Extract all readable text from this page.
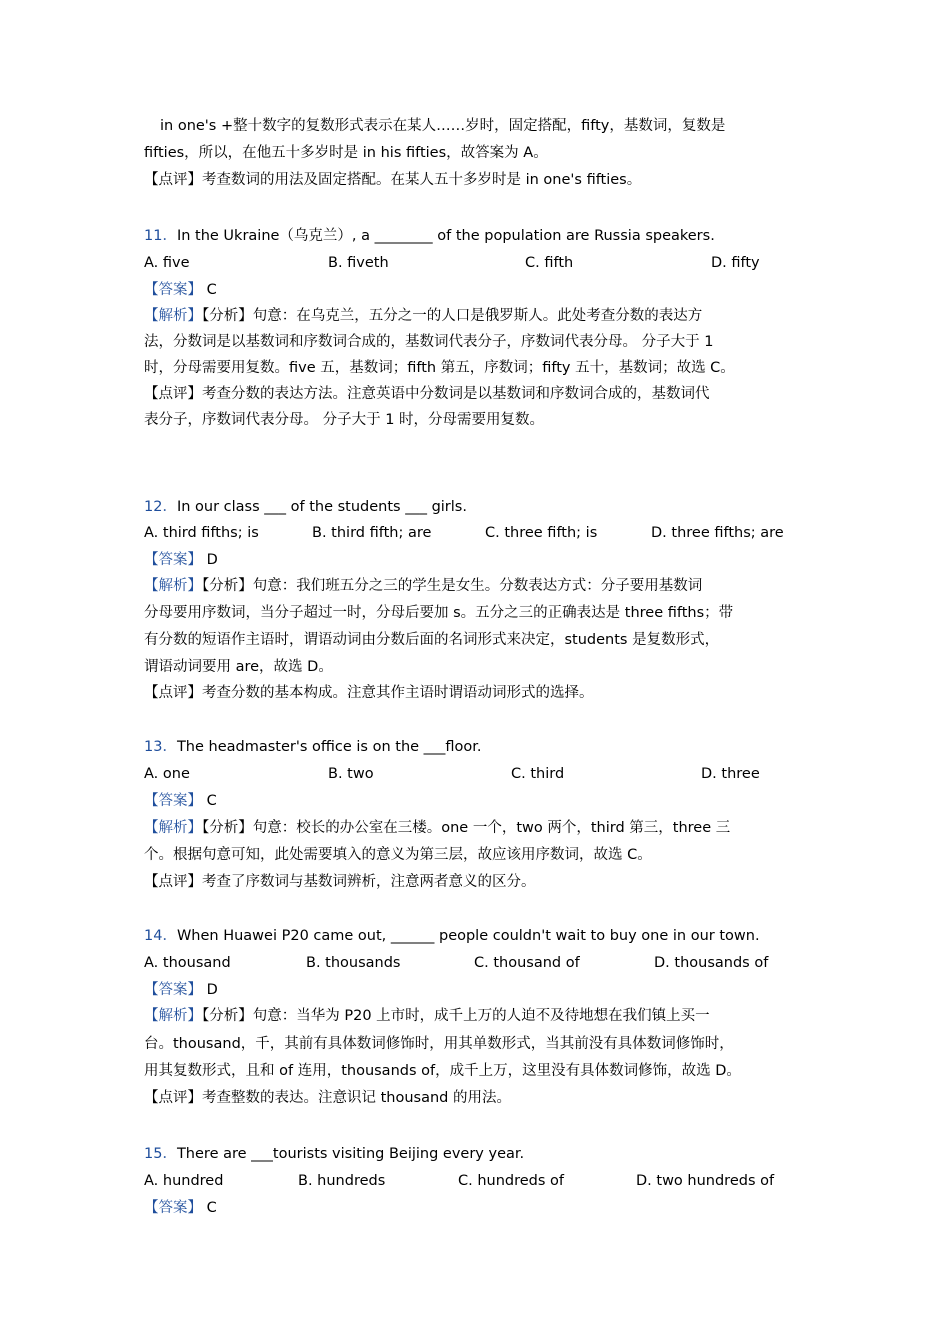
in one's +整十数字的复数形式表示在某人……岁时，固定搭配，fifty，基数词，复数是
fifties，所以，在他五十多岁时是 in his fifties，故答案为 A。
【点评】考查数词的用法及固定搭配。在某人五十多岁时是 in one's fifties。
11．In the Ukraine（乌克兰）, a ________ of the population are Russia speakers.
A. five	B. fiveth	C. fifth	D. fifty
【答案】 C
【解析】【分析】句意：在乌克兰，五分之一的人口是俄罗斯人。此处考查分数的表达方
法，分数词是以基数词和序数词合成的，基数词代表分子，序数词代表分母。 分子大于 1
时，分母需要用复数。five 五，基数词；fifth 第五，序数词；fifty 五十，基数词；故选 C。
【点评】考查分数的表达方法。注意英语中分数词是以基数词和序数词合成的，基数词代
表分子，序数词代表分母。 分子大于 1 时，分母需要用复数。
12．In our class ___ of the students ___ girls.
A. third fifths; is	B. third fifth; are	C. three fifth; is	D. three fifths; are
【答案】 D
【解析】【分析】句意：我们班五分之三的学生是女生。分数表达方式：分子要用基数词
分母要用序数词，当分子超过一时，分母后要加 s。五分之三的正确表达是 three fifths；带
有分数的短语作主语时，谓语动词由分数后面的名词形式来决定，students 是复数形式，
谓语动词要用 are，故选 D。
【点评】考查分数的基本构成。注意其作主语时谓语动词形式的选择。
13．The headmaster's office is on the ___floor.
A. one	B. two	C. third	D. three
【答案】 C
【解析】【分析】句意：校长的办公室在三楼。one 一个，two 两个，third 第三，three 三
个。根据句意可知，此处需要填入的意义为第三层，故应该用序数词，故选 C。
【点评】考查了序数词与基数词辨析，注意两者意义的区分。
14．When Huawei P20 came out, ______ people couldn't wait to buy one in our town.
A. thousand	B. thousands	C. thousand of	D. thousands of
【答案】 D
【解析】【分析】句意：当华为 P20 上市时，成千上万的人迫不及待地想在我们镇上买一
台。thousand，千，其前有具体数词修饰时，用其单数形式，当其前没有具体数词修饰时，
用其复数形式，且和 of 连用，thousands of，成千上万，这里没有具体数词修饰，故选 D。
【点评】考查整数的表达。注意识记 thousand 的用法。
15．There are ___tourists visiting Beijing every year.
A. hundred	B. hundreds	C. hundreds of	D. two hundreds of
【答案】 C
